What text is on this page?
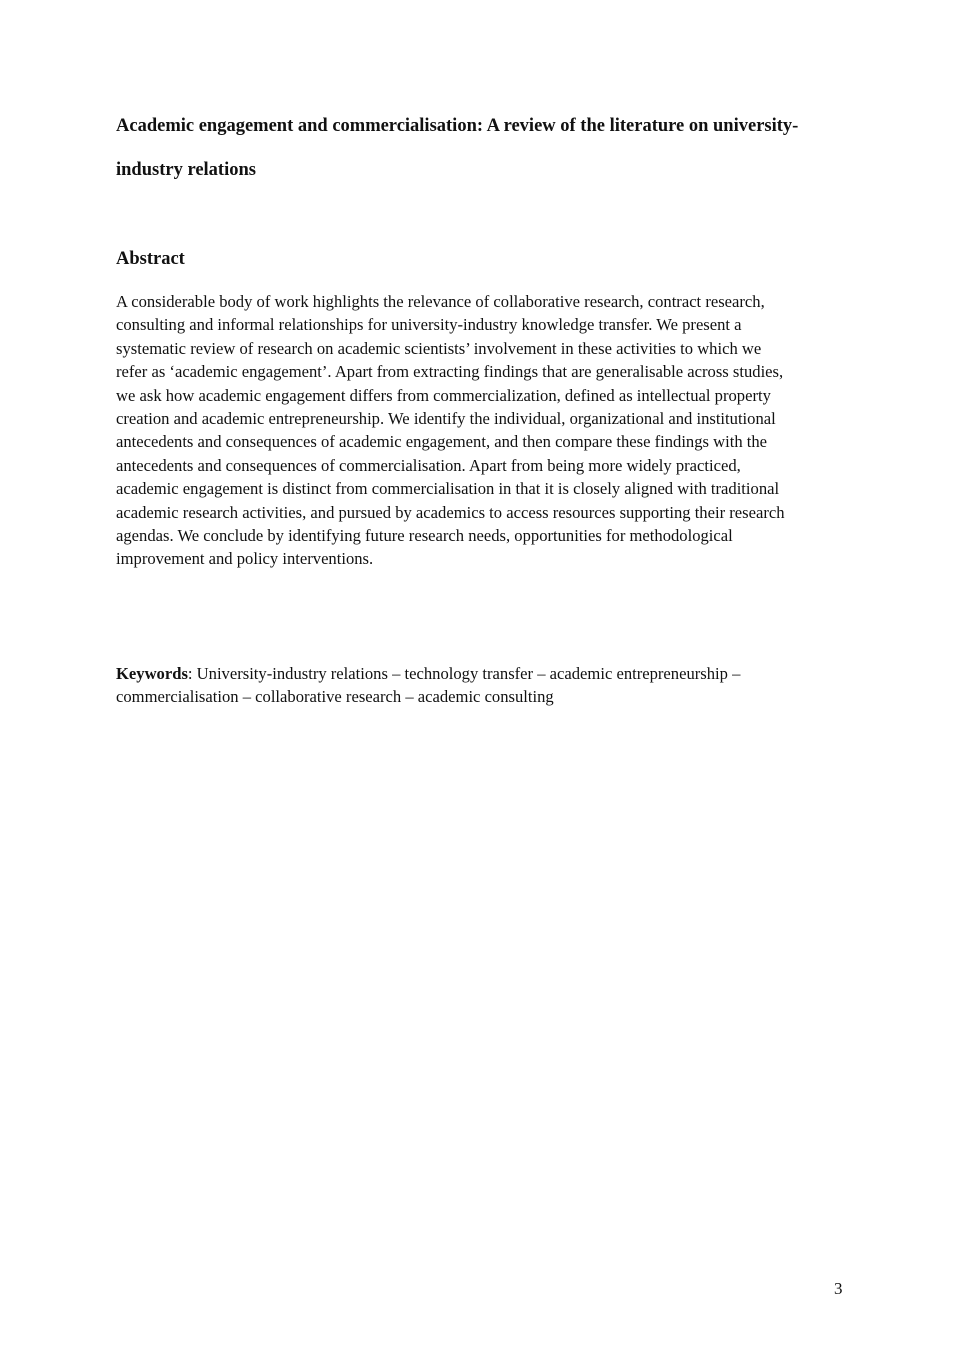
Academic engagement and commercialisation: A review of the literature on university-
industry relations
Abstract

A considerable body of work highlights the relevance of collaborative research, contract research,
consulting and informal relationships for university-industry knowledge transfer. We present a
systematic review of research on academic scientists’ involvement in these activities to which we
refer as ‘academic engagement’. Apart from extracting findings that are generalisable across studies,
we ask how academic engagement differs from commercialization, defined as intellectual property
creation and academic entrepreneurship. We identify the individual, organizational and institutional
antecedents and consequences of academic engagement, and then compare these findings with the
antecedents and consequences of commercialisation. Apart from being more widely practiced,
academic engagement is distinct from commercialisation in that it is closely aligned with traditional
academic research activities, and pursued by academics to access resources supporting their research
agendas. We conclude by identifying future research needs, opportunities for methodological
improvement and policy interventions.

Keywords: University-industry relations – technology transfer – academic entrepreneurship –
commercialisation – collaborative research – academic consulting

3
